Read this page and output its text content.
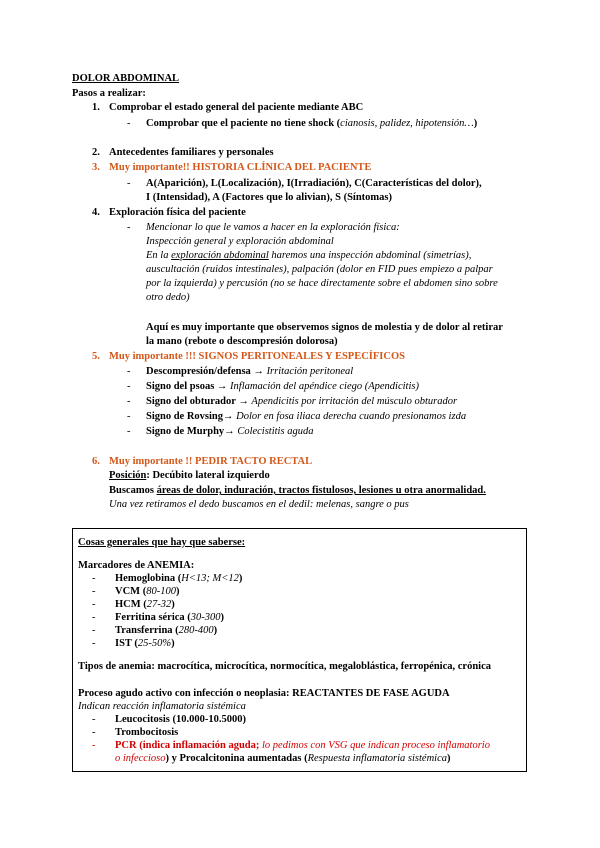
DOLOR ABDOMINAL
Pasos a realizar:
1. Comprobar el estado general del paciente mediante ABC
- Comprobar que el paciente no tiene shock (cianosis, palidez, hipotensión…)
2. Antecedentes familiares y personales
3. Muy importante!! HISTORIA CLÍNICA DEL PACIENTE
- A(Aparición), L(Localización), I(Irradiación), C(Características del dolor),
I (Intensidad), A (Factores que lo alivian), S (Síntomas)
4. Exploración física del paciente
- Mencionar lo que le vamos a hacer en la exploración física:
Inspección general y exploración abdominal
En la exploración abdominal haremos una inspección abdominal (simetrías),
auscultación (ruidos intestinales), palpación (dolor en FID pues empiezo a palpar
por la izquierda) y percusión (no se hace directamente sobre el abdomen sino sobre
otro dedo)
Aquí es muy importante que observemos signos de molestia y de dolor al retirar
la mano (rebote o descompresión dolorosa)
5. Muy importante !!! SIGNOS PERITONEALES Y ESPECÍFICOS
- Descompresión/defensa → Irritación peritoneal
- Signo del psoas → Inflamación del apéndice ciego (Apendicitis)
- Signo del obturador → Apendicitis por irritación del músculo obturador
- Signo de Rovsing→ Dolor en fosa iliaca derecha cuando presionamos izda
- Signo de Murphy→ Colecistitis aguda
6. Muy importante !! PEDIR TACTO RECTAL
Posición: Decúbito lateral izquierdo
Buscamos áreas de dolor, induración, tractos fistulosos, lesiones u otra anormalidad.
Una vez retiramos el dedo buscamos en el dedil: melenas, sangre o pus
Cosas generales que hay que saberse:
Marcadores de ANEMIA:
- Hemoglobina (H<13; M<12)
- VCM (80-100)
- HCM (27-32)
- Ferritina sérica (30-300)
- Transferrina (280-400)
- IST (25-50%)
Tipos de anemia: macrocítica, microcítica, normocítica, megaloblástica, ferropénica, crónica
Proceso agudo activo con infección o neoplasia: REACTANTES DE FASE AGUDA
Indican reacción inflamatoria sistémica
- Leucocitosis (10.000-10.5000)
- Trombocitosis
- PCR (indica inflamación aguda; lo pedimos con VSG que indican proceso inflamatorio
o infeccioso) y Procalcitonina aumentadas (Respuesta inflamatoria sistémica)
